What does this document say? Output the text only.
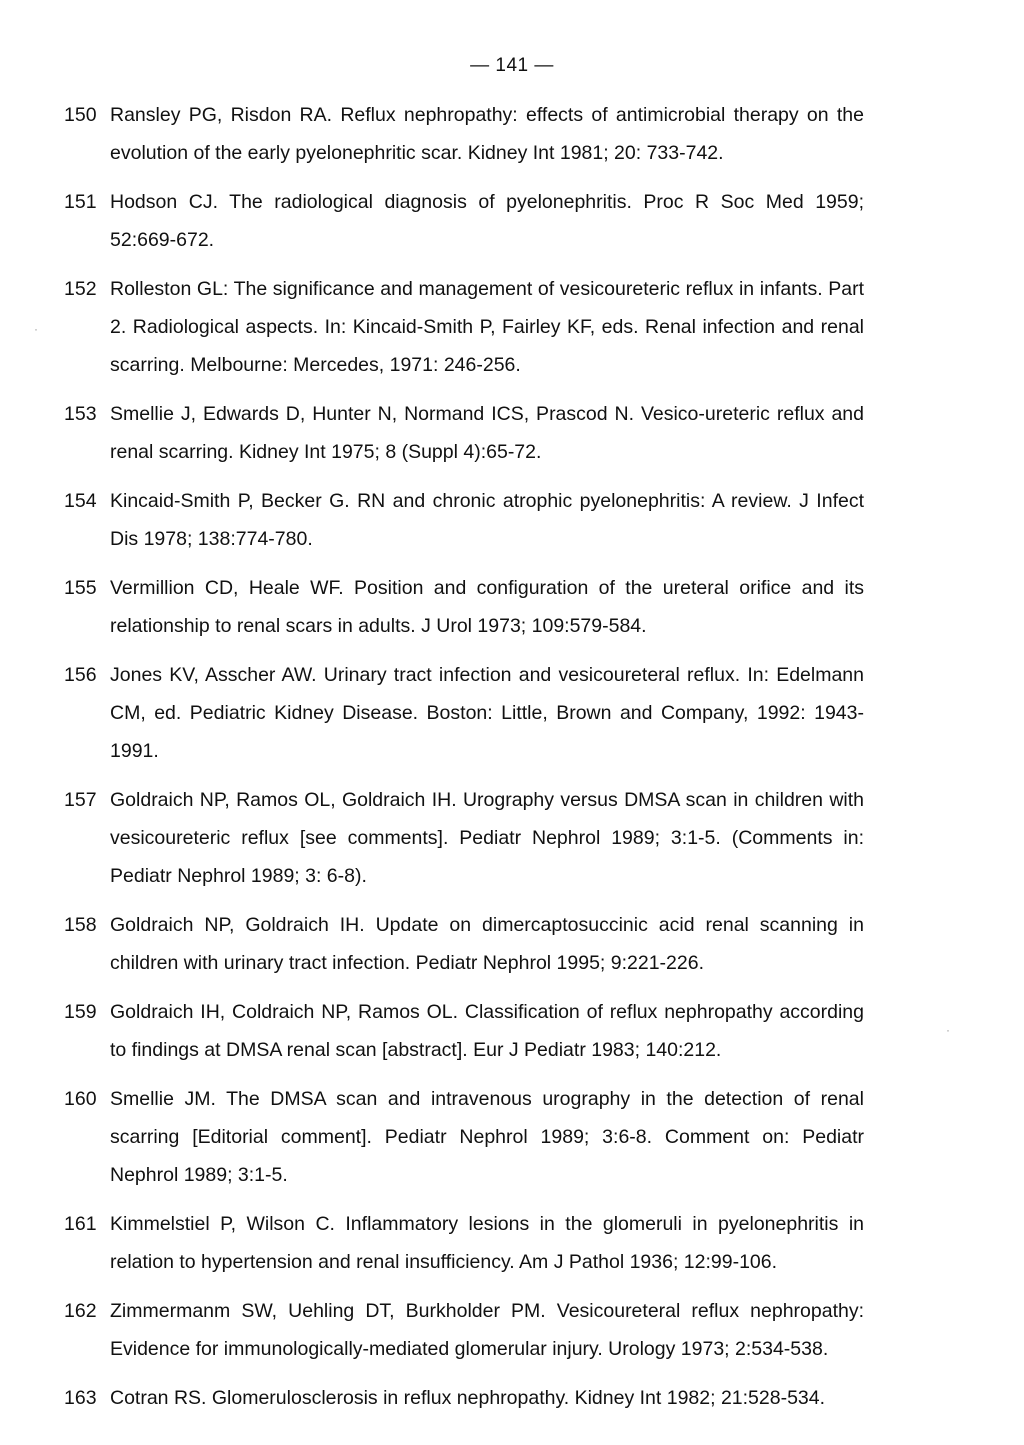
— 141 —
150 Ransley PG, Risdon RA. Reflux nephropathy: effects of antimicrobial therapy on the evolution of the early pyelonephritic scar. Kidney Int 1981; 20: 733-742.
151 Hodson CJ. The radiological diagnosis of pyelonephritis. Proc R Soc Med 1959; 52:669-672.
152 Rolleston GL: The significance and management of vesicoureteric reflux in infants. Part 2. Radiological aspects. In: Kincaid-Smith P, Fairley KF, eds. Renal infection and renal scarring. Melbourne: Mercedes, 1971: 246-256.
153 Smellie J, Edwards D, Hunter N, Normand ICS, Prascod N. Vesico-ureteric reflux and renal scarring. Kidney Int 1975; 8 (Suppl 4):65-72.
154 Kincaid-Smith P, Becker G. RN and chronic atrophic pyelonephritis: A review. J Infect Dis 1978; 138:774-780.
155 Vermillion CD, Heale WF. Position and configuration of the ureteral orifice and its relationship to renal scars in adults. J Urol 1973; 109:579-584.
156 Jones KV, Asscher AW. Urinary tract infection and vesicoureteral reflux. In: Edelmann CM, ed. Pediatric Kidney Disease. Boston: Little, Brown and Company, 1992: 1943-1991.
157 Goldraich NP, Ramos OL, Goldraich IH. Urography versus DMSA scan in children with vesicoureteric reflux [see comments]. Pediatr Nephrol 1989; 3:1-5. (Comments in: Pediatr Nephrol 1989; 3: 6-8).
158 Goldraich NP, Goldraich IH. Update on dimercaptosuccinic acid renal scanning in children with urinary tract infection. Pediatr Nephrol 1995; 9:221-226.
159 Goldraich IH, Coldraich NP, Ramos OL. Classification of reflux nephropathy according to findings at DMSA renal scan [abstract]. Eur J Pediatr 1983; 140:212.
160 Smellie JM. The DMSA scan and intravenous urography in the detection of renal scarring [Editorial comment]. Pediatr Nephrol 1989; 3:6-8. Comment on: Pediatr Nephrol 1989; 3:1-5.
161 Kimmelstiel P, Wilson C. Inflammatory lesions in the glomeruli in pyelonephritis in relation to hypertension and renal insufficiency. Am J Pathol 1936; 12:99-106.
162 Zimmermanm SW, Uehling DT, Burkholder PM. Vesicoureteral reflux nephropathy: Evidence for immunologically-mediated glomerular injury. Urology 1973; 2:534-538.
163 Cotran RS. Glomerulosclerosis in reflux nephropathy. Kidney Int 1982; 21:528-534.
·
·
